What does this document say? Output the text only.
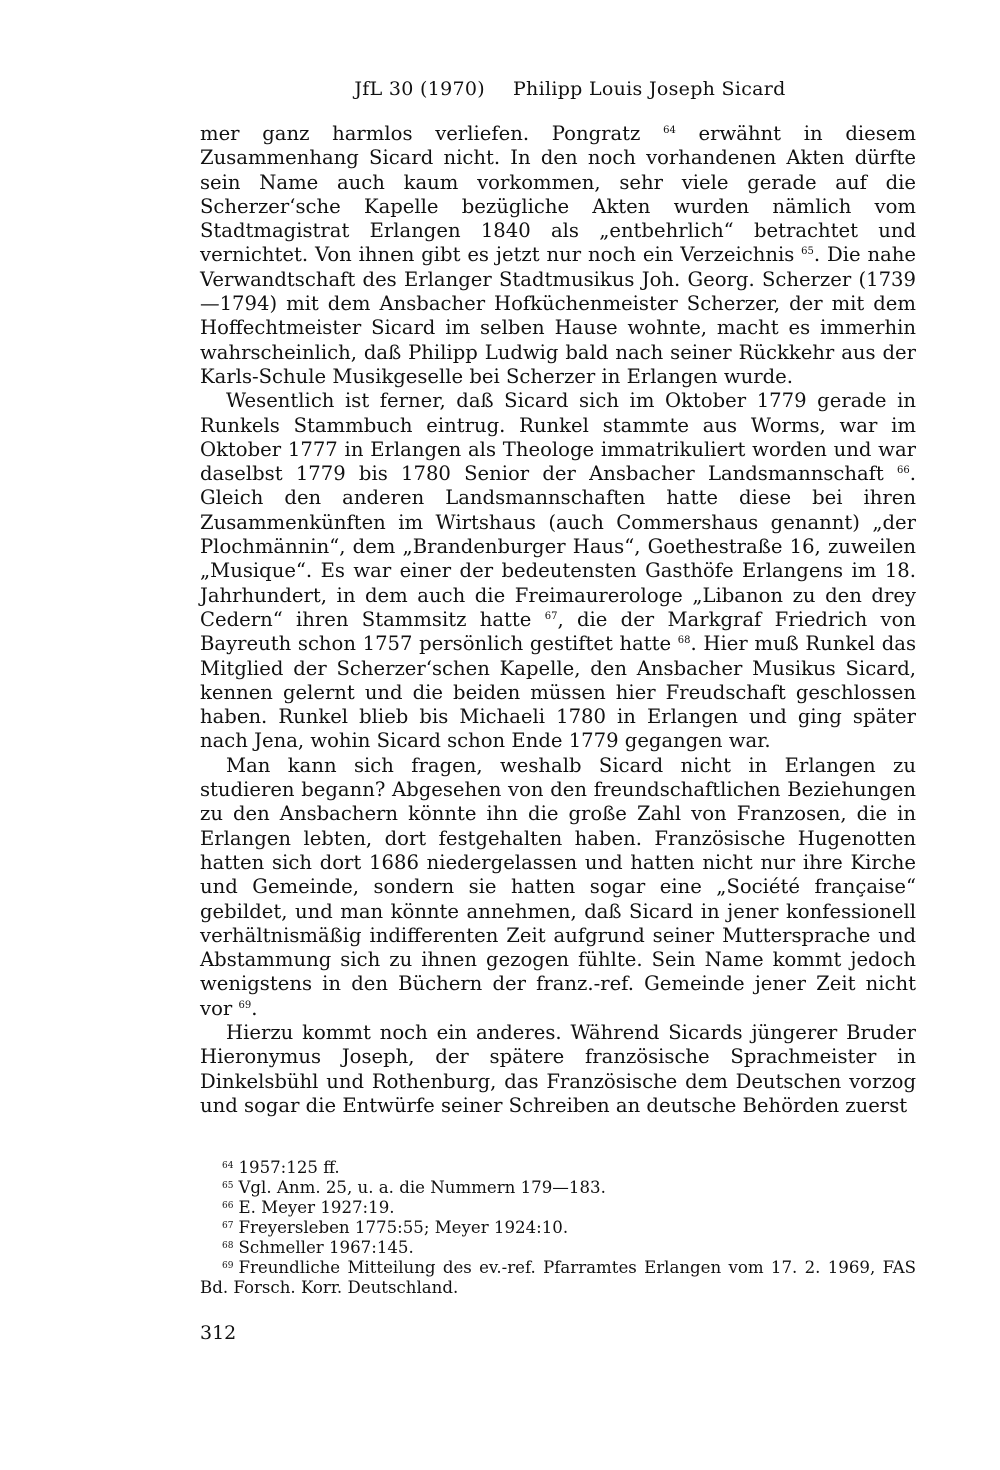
JfL 30 (1970) Philipp Louis Joseph Sicard

mer ganz harmlos verliefen. Pongratz $^{64}$ erwähnt in diesem Zusammenhang Sicard nicht. In den noch vorhandenen Akten dürfte sein Name auch kaum vorkommen, sehr viele gerade auf die Scherzer‘sche Kapelle bezügliche Akten wurden nämlich vom Stadtmagistrat Erlangen 1840 als „entbehrlich“ betrachtet und vernichtet. Von ihnen gibt es jetzt nur noch ein Verzeichnis $^{65}$. Die nahe Verwandtschaft des Erlanger Stadtmusikus Joh. Georg. Scherzer (1739—1794) mit dem Ansbacher Hofküchenmeister Scherzer, der mit dem Hoffechtmeister Sicard im selben Hause wohnte, macht es immerhin wahrscheinlich, daß Philipp Ludwig bald nach seiner Rückkehr aus der Karls-Schule Musikgeselle bei Scherzer in Erlangen wurde.

Wesentlich ist ferner, daß Sicard sich im Oktober 1779 gerade in Runkels Stammbuch eintrug. Runkel stammte aus Worms, war im Oktober 1777 in Erlangen als Theologe immatrikuliert worden und war daselbst 1779 bis 1780 Senior der Ansbacher Landsmannschaft $^{66}$. Gleich den anderen Landsmannschaften hatte diese bei ihren Zusammenkünften im Wirtshaus (auch Commershaus genannt) „der Plochmännin“, dem „Brandenburger Haus“, Goethestraße 16, zuweilen „Musique“. Es war einer der bedeutensten Gasthöfe Erlangens im 18. Jahrhundert, in dem auch die Freimaurerologe „Libanon zu den drey Cedern“ ihren Stammsitz hatte $^{67}$, die der Markgraf Friedrich von Bayreuth schon 1757 persönlich gestiftet hatte $^{68}$. Hier muß Runkel das Mitglied der Scherzer‘schen Kapelle, den Ansbacher Musikus Sicard, kennen gelernt und die beiden müssen hier Freudschaft geschlossen haben. Runkel blieb bis Michaeli 1780 in Erlangen und ging später nach Jena, wohin Sicard schon Ende 1779 gegangen war.

Man kann sich fragen, weshalb Sicard nicht in Erlangen zu studieren begann? Abgesehen von den freundschaftlichen Beziehungen zu den Ansbachern könnte ihn die große Zahl von Franzosen, die in Erlangen lebten, dort festgehalten haben. Französische Hugenotten hatten sich dort 1686 niedergelassen und hatten nicht nur ihre Kirche und Gemeinde, sondern sie hatten sogar eine „Société française“ gebildet, und man könnte annehmen, daß Sicard in jener konfessionell verhältnismäßig indifferenten Zeit aufgrund seiner Muttersprache und Abstammung sich zu ihnen gezogen fühlte. Sein Name kommt jedoch wenigstens in den Büchern der franz.-ref. Gemeinde jener Zeit nicht vor $^{69}$.

Hierzu kommt noch ein anderes. Während Sicards jüngerer Bruder Hieronymus Joseph, der spätere französische Sprachmeister in Dinkelsbühl und Rothenburg, das Französische dem Deutschen vorzog und sogar die Entwürfe seiner Schreiben an deutsche Behörden zuerst

$^{64}$ 1957:125 ff.
$^{65}$ Vgl. Anm. 25, u. a. die Nummern 179—183.
$^{66}$ E. Meyer 1927:19.
$^{67}$ Freyersleben 1775:55; Meyer 1924:10.
$^{68}$ Schmeller 1967:145.
$^{69}$ Freundliche Mitteilung des ev.-ref. Pfarramtes Erlangen vom 17. 2. 1969, FAS Bd. Forsch. Korr. Deutschland.
312
